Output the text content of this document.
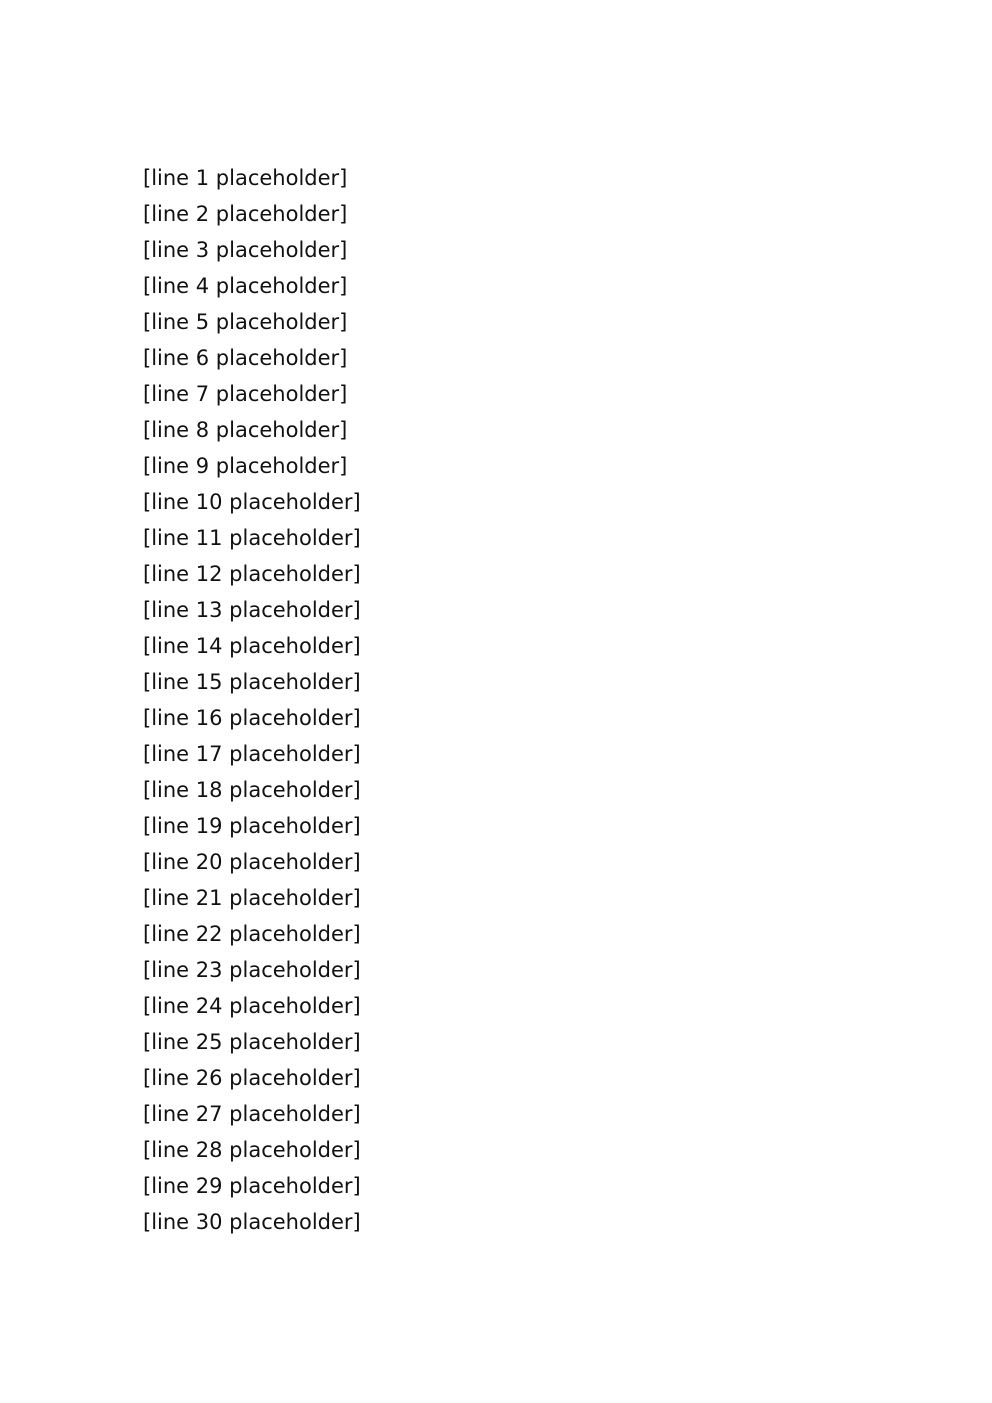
[line 1 placeholder]
[line 2 placeholder]
[line 3 placeholder]
[line 4 placeholder]
[line 5 placeholder]
[line 6 placeholder]
[line 7 placeholder]
[line 8 placeholder]
[line 9 placeholder]
[line 10 placeholder]
[line 11 placeholder]
[line 12 placeholder]
[line 13 placeholder]
[line 14 placeholder]
[line 15 placeholder]
[line 16 placeholder]
[line 17 placeholder]
[line 18 placeholder]
[line 19 placeholder]
[line 20 placeholder]
[line 21 placeholder]
[line 22 placeholder]
[line 23 placeholder]
[line 24 placeholder]
[line 25 placeholder]
[line 26 placeholder]
[line 27 placeholder]
[line 28 placeholder]
[line 29 placeholder]
[line 30 placeholder]
